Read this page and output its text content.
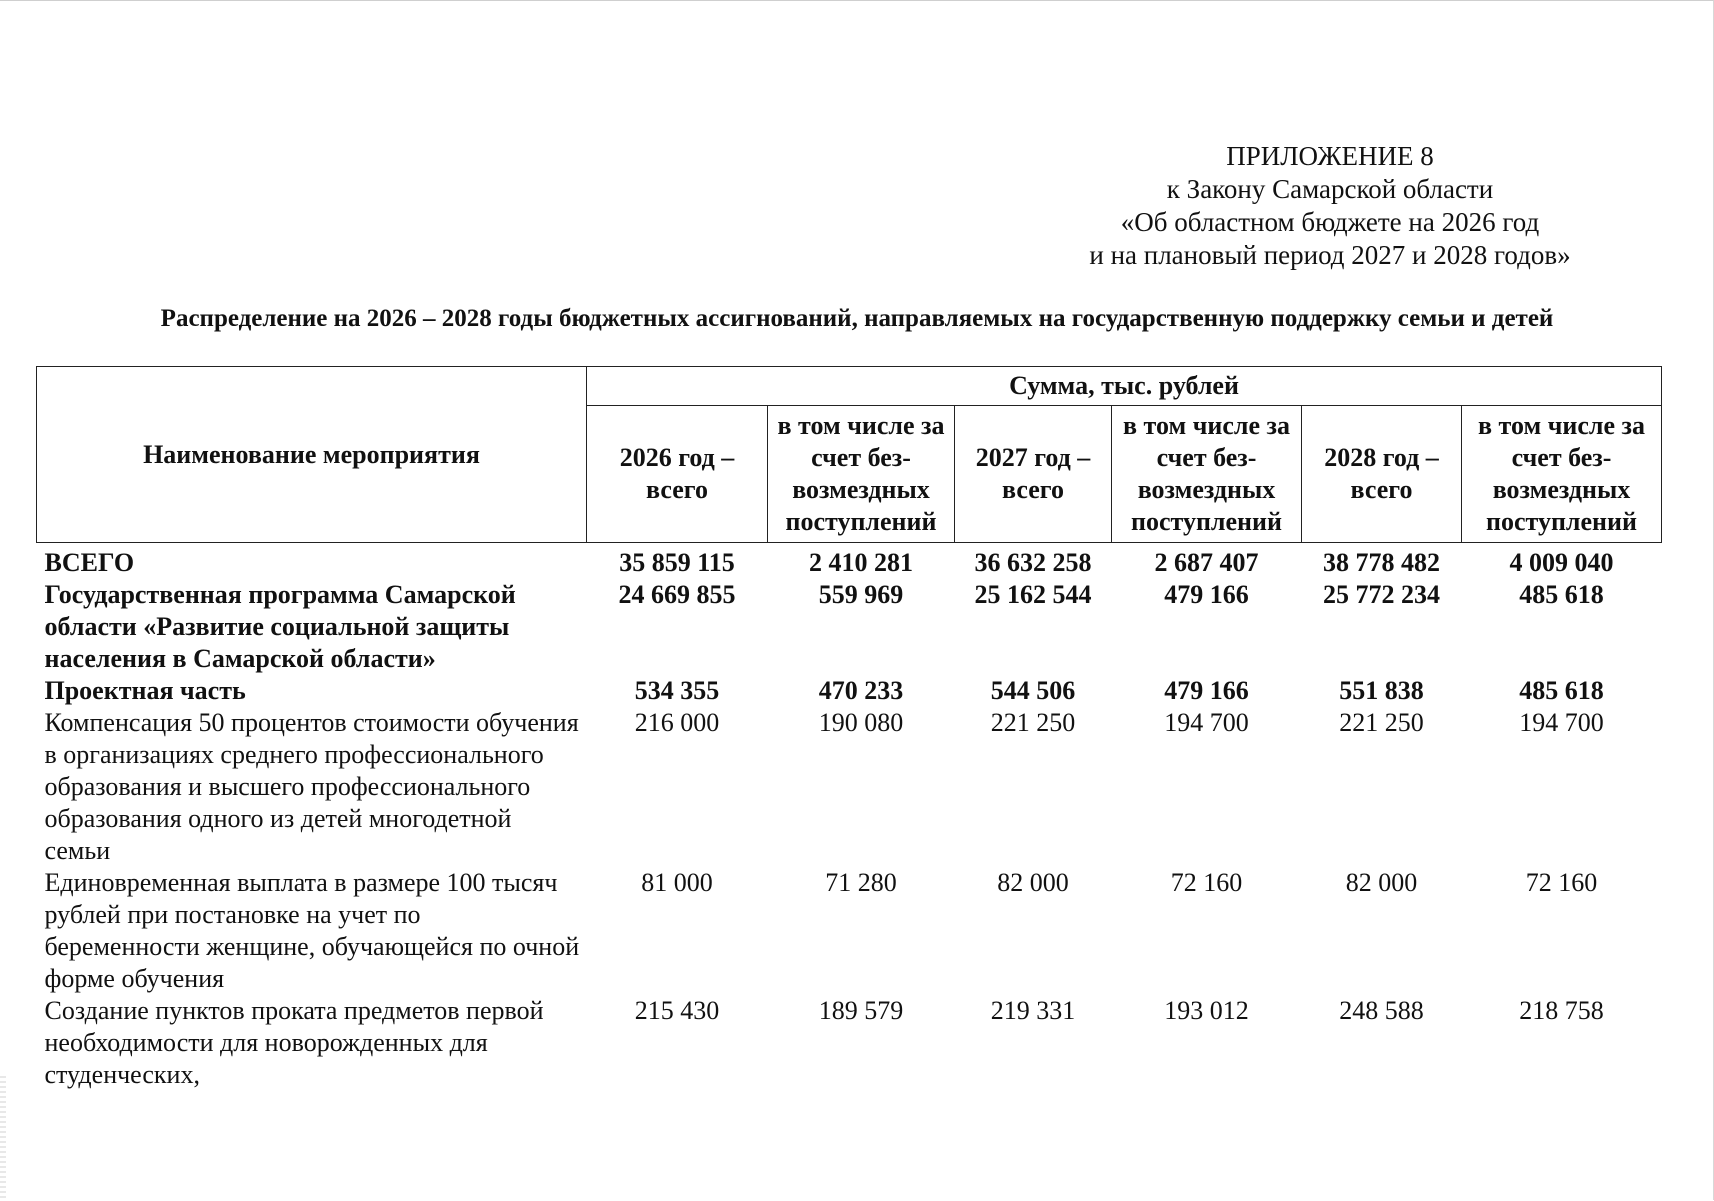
ПРИЛОЖЕНИЕ 8
к Закону Самарской области
«Об областном бюджете на 2026 год
и на плановый период 2027 и 2028 годов»
Распределение на 2026 – 2028 годы бюджетных ассигнований, направляемых на государственную поддержку семьи и детей
Наименование мероприятия	Сумма, тыс. рублей					
	2026 год – всего	в том числе за счет без-возмездных поступлений	2027 год – всего	в том числе за счет без-возмездных поступлений	2028 год – всего	в том числе за счет без-возмездных поступлений
ВСЕГО	35 859 115	2 410 281	36 632 258	2 687 407	38 778 482	4 009 040
Государственная программа Самарской области «Развитие социальной защиты населения в Самарской области»	24 669 855	559 969	25 162 544	479 166	25 772 234	485 618
Проектная часть	534 355	470 233	544 506	479 166	551 838	485 618
Компенсация 50 процентов стоимости обучения в организациях среднего профессионального образования и высшего профессионального образования одного из детей многодетной семьи	216 000	190 080	221 250	194 700	221 250	194 700
Единовременная выплата в размере 100 тысяч рублей при постановке на учет по беременности женщине, обучающейся по очной форме обучения	81 000	71 280	82 000	72 160	82 000	72 160
Создание пунктов проката предметов первой необходимости для новорожденных для студенческих,	215 430	189 579	219 331	193 012	248 588	218 758
